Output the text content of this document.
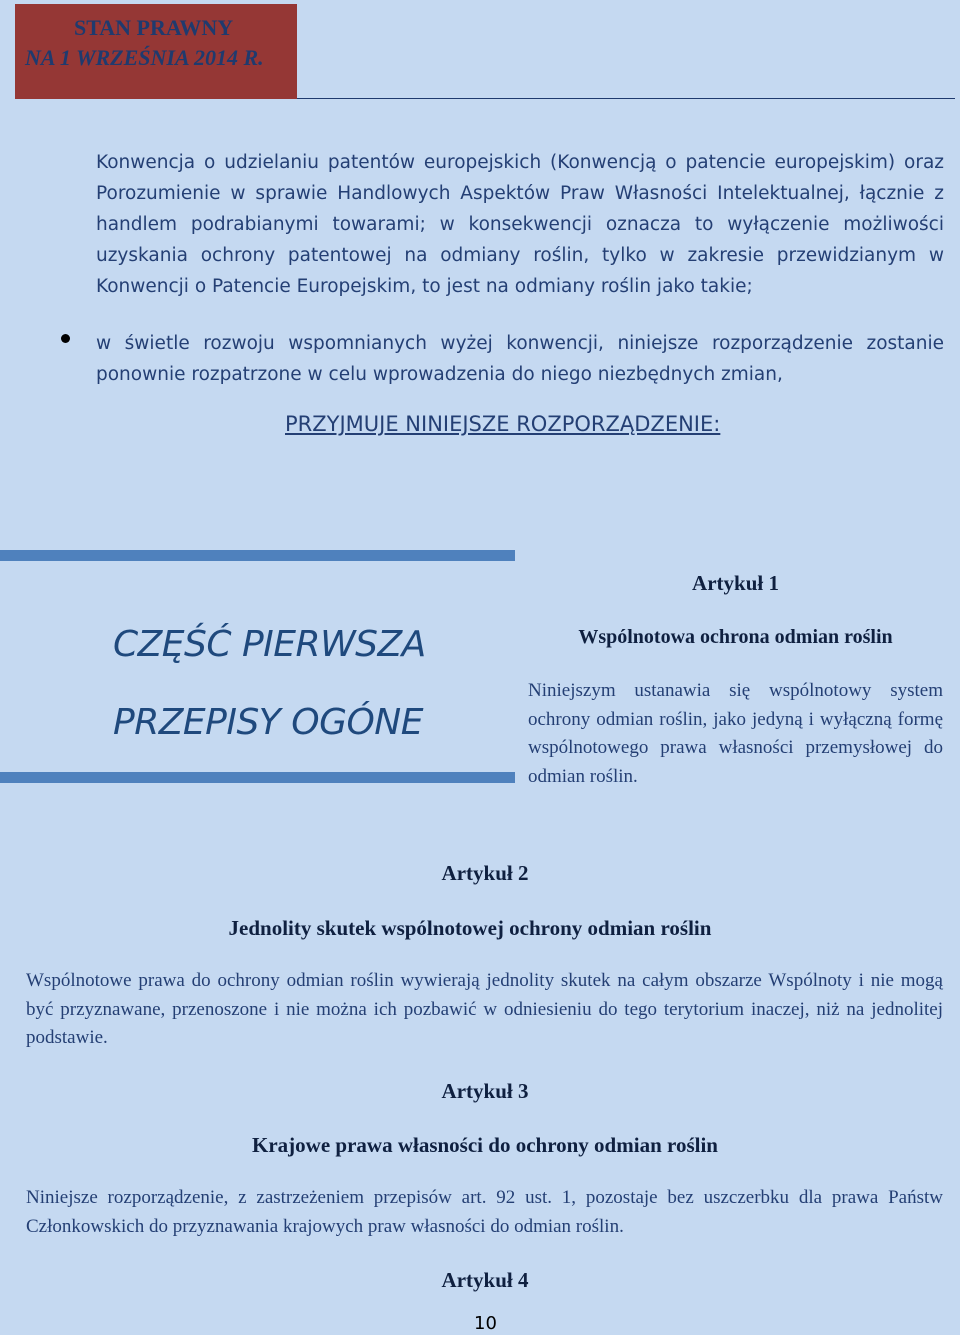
STAN PRAWNY
NA 1 WRZEŚNIA 2014 R.
Konwencja o udzielaniu patentów europejskich (Konwencją o patencie europejskim) oraz Porozumienie w sprawie Handlowych Aspektów Praw Własności Intelektualnej, łącznie z handlem podrabianymi towarami; w konsekwencji oznacza to wyłączenie możliwości uzyskania ochrony patentowej na odmiany roślin, tylko w zakresie przewidzianym w Konwencji o Patencie Europejskim, to jest na odmiany roślin jako takie;
w świetle rozwoju wspomnianych wyżej konwencji, niniejsze rozporządzenie zostanie ponownie rozpatrzone w celu wprowadzenia do niego niezbędnych zmian,
PRZYJMUJE NINIEJSZE ROZPORZĄDZENIE:
CZĘŚĆ PIERWSZA
PRZEPISY OGÓNE
Artykuł 1
Wspólnotowa ochrona odmian roślin
Niniejszym ustanawia się wspólnotowy system ochrony odmian roślin, jako jedyną i wyłączną formę wspólnotowego prawa własności przemysłowej do odmian roślin.
Artykuł 2
Jednolity skutek wspólnotowej ochrony odmian roślin
Wspólnotowe prawa do ochrony odmian roślin wywierają jednolity skutek na całym obszarze Wspólnoty i nie mogą być przyznawane, przenoszone i nie można ich pozbawić w odniesieniu do tego terytorium inaczej, niż na jednolitej podstawie.
Artykuł 3
Krajowe prawa własności do ochrony odmian roślin
Niniejsze rozporządzenie, z zastrzeżeniem przepisów art. 92 ust. 1, pozostaje bez uszczerbku dla prawa Państw Członkowskich do przyznawania krajowych praw własności do odmian roślin.
Artykuł 4
10
